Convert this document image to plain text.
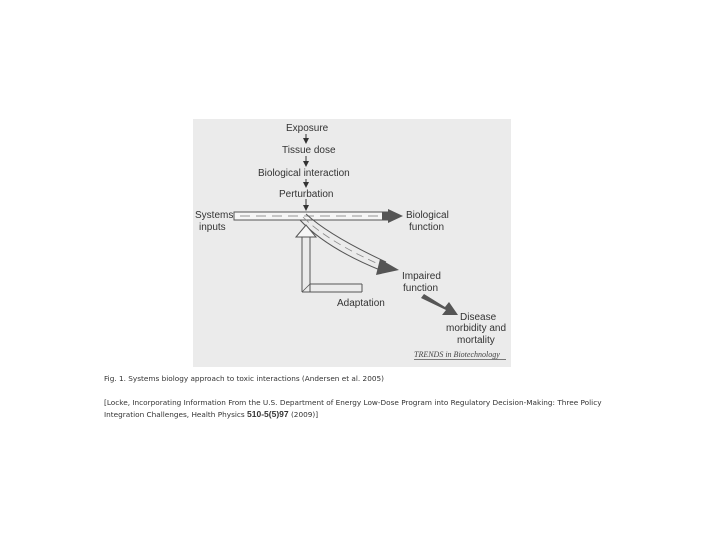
Exposure
Tissue dose
Biological interaction
Perturbation
Systems
inputs
Biological
function
Impaired
function
Adaptation
Disease
morbidity and
mortality
TRENDS in Biotechnology
Fig. 1. Systems biology approach to toxic interactions (Andersen et al. 2005)
[Locke, Incorporating Information From the U.S. Department of Energy Low-Dose Program into Regulatory Decision-Making: Three Policy Integration Challenges, Health Physics 510-5(5)97 (2009)]
